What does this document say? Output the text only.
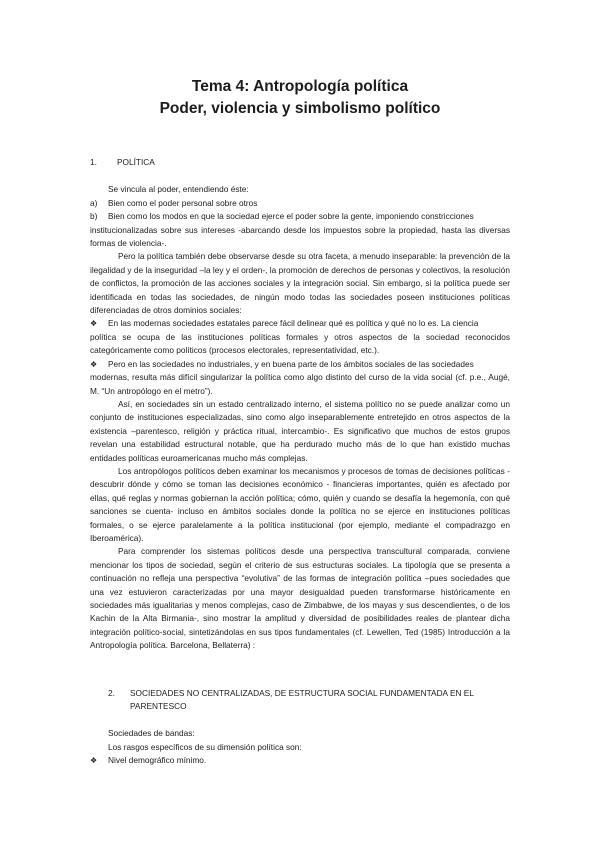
Tema 4: Antropología política

Poder, violencia y simbolismo político

1.	POLÍTICA

Se vincula al poder, entendiendo éste:

a)	Bien como el poder personal sobre otros
b)	Bien como los modos en que la sociedad ejerce el poder sobre la gente, imponiendo constricciones

institucionalizadas sobre sus intereses -abarcando desde los impuestos sobre la propiedad, hasta las diversas formas de violencia-.

Pero la política también debe observarse desde su otra faceta, a menudo inseparable: la prevención de la ilegalidad y de la inseguridad –la ley y el orden-, la promoción de derechos de personas y colectivos, la resolución de conflictos, la promoción de las acciones sociales y la integración social. Sin embargo, si la política puede ser identificada en todas las sociedades, de ningún modo todas las sociedades poseen instituciones políticas diferenciadas de otros dominios sociales:

❖	En las modernas sociedades estatales parece fácil delinear qué es política y qué no lo es. La ciencia

política se ocupa de las instituciones políticas formales y otros aspectos de la sociedad reconocidos categóricamente como políticos (procesos electorales, representatividad, etc.).

❖	Pero en las sociedades no industriales, y en buena parte de los ámbitos sociales de las sociedades

modernas, resulta más difícil singularizar la política como algo distinto del curso de la vida social (cf. p.e., Augé, M. “Un antropólogo en el metro”).

Así, en sociedades sin un estado centralizado interno, el sistema político no se puede analizar como un conjunto de instituciones especializadas, sino como algo inseparablemente entretejido en otros aspectos de la existencia –parentesco, religión y práctica ritual, intercambio-. Es significativo que muchos de estos grupos revelan una estabilidad estructural notable, que ha perdurado mucho más de lo que han existido muchas entidades políticas euroamericanas mucho más complejas.

Los antropólogos políticos deben examinar los mecanismos y procesos de tomas de decisiones políticas -descubrir dónde y cómo se toman las decisiones económico - financieras importantes, quién es afectado por ellas, qué reglas y normas gobiernan la acción política; cómo, quién y cuando se desafía la hegemonía, con qué sanciones se cuenta- incluso en ámbitos sociales donde la política no se ejerce en instituciones políticas formales, o se ejerce paralelamente a la política institucional (por ejemplo, mediante el compadrazgo en Iberoamérica).

Para comprender los sistemas políticos desde una perspectiva transcultural comparada, conviene mencionar los tipos de sociedad, según el criterio de sus estructuras sociales. La tipología que se presenta a continuación no refleja una perspectiva “evolutiva” de las formas de integración política –pues sociedades que una vez estuvieron caracterizadas por una mayor desigualdad pueden transformarse históricamente en sociedades más igualitarias y menos complejas, caso de Zimbabwe, de los mayas y sus descendientes, o de los Kachin de la Alta Birmania-, sino mostrar la amplitud y diversidad de posibilidades reales de plantear dicha integración político-social, sintetizándolas en sus tipos fundamentales (cf. Lewellen, Ted (1985) Introducción a la Antropología política. Barcelona, Bellaterra) :

2.	SOCIEDADES NO CENTRALIZADAS, DE ESTRUCTURA SOCIAL FUNDAMENTADA EN EL PARENTESCO

Sociedades de bandas:

Los rasgos específicos de su dimensión política son:

❖	Nivel demográfico mínimo.
